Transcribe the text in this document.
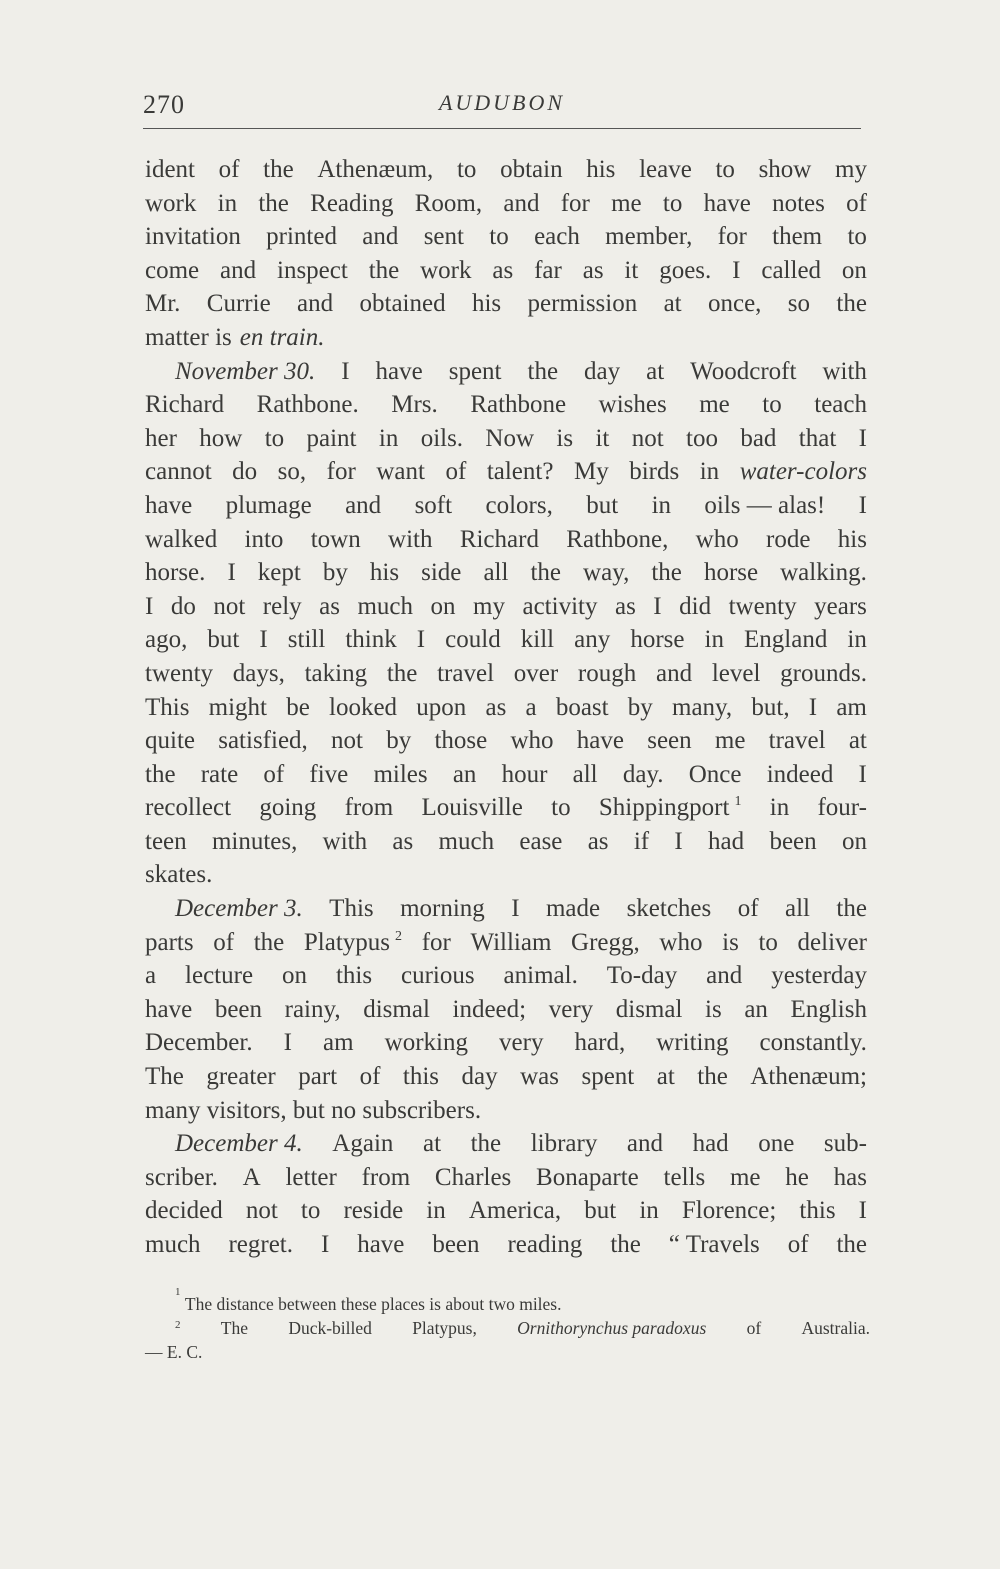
270	AUDUBON
ident of the Athenæum, to obtain his leave to show my
work in the Reading Room, and for me to have notes of
invitation printed and sent to each member, for them to
come and inspect the work as far as it goes. I called on
Mr. Currie and obtained his permission at once, so the
matter is en train.
November 30. I have spent the day at Woodcroft with
Richard Rathbone. Mrs. Rathbone wishes me to teach
her how to paint in oils. Now is it not too bad that I
cannot do so, for want of talent? My birds in water-colors
have plumage and soft colors, but in oils — alas! I
walked into town with Richard Rathbone, who rode his
horse. I kept by his side all the way, the horse walking.
I do not rely as much on my activity as I did twenty years
ago, but I still think I could kill any horse in England in
twenty days, taking the travel over rough and level grounds.
This might be looked upon as a boast by many, but, I am
quite satisfied, not by those who have seen me travel at
the rate of five miles an hour all day. Once indeed I
recollect going from Louisville to Shippingport  $^1$ in four-
teen minutes, with as much ease as if I had been on
skates.
December 3. This morning I made sketches of all the
parts of the Platypus  $^2$ for William Gregg, who is to deliver
a lecture on this curious animal. To-day and yesterday
have been rainy, dismal indeed; very dismal is an English
December. I am working very hard, writing constantly.
The greater part of this day was spent at the Athenæum;
many visitors, but no subscribers.
December 4. Again at the library and had one sub-
scriber. A letter from Charles Bonaparte tells me he has
decided not to reside in America, but in Florence; this I
much regret. I have been reading the “ Travels of the
1

The distance between these places is about two miles.
$^2$ The Duck-billed Platypus, Ornithorynchus paradoxus of Australia.
— E. C.
